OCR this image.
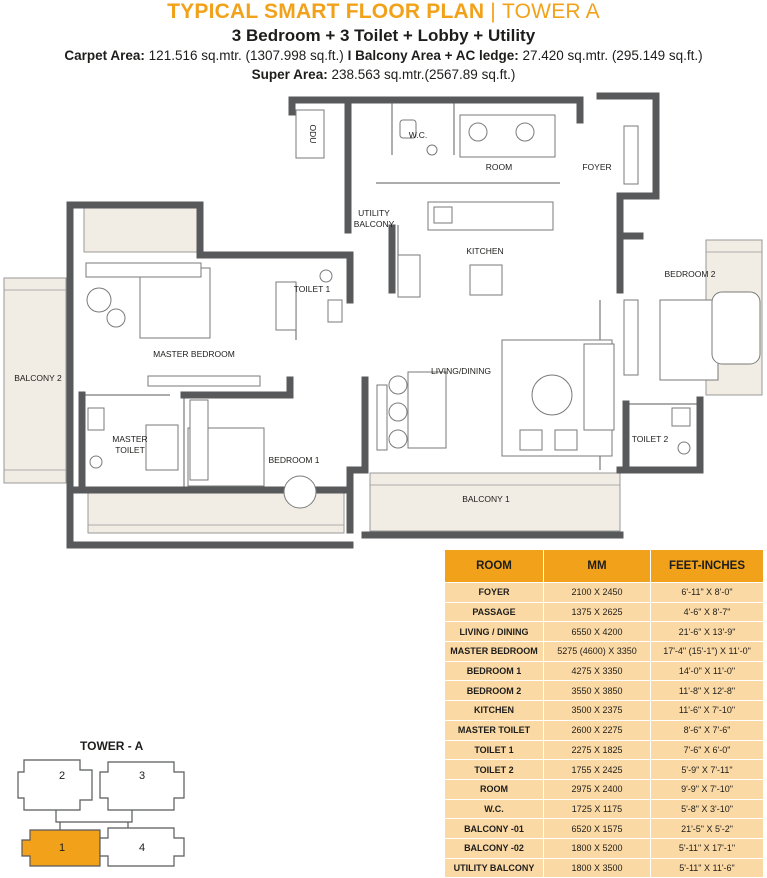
TYPICAL SMART FLOOR PLAN | TOWER A
3 Bedroom + 3 Toilet + Lobby + Utility
Carpet Area: 121.516 sq.mtr. (1307.998 sq.ft.) I Balcony Area + AC ledge: 27.420 sq.mtr. (295.149 sq.ft.)
Super Area: 238.563 sq.mtr.(2567.89 sq.ft.)
ODU	W.C.
ROOM	FOYER
UTILITY
BALCONY
KITCHEN
BEDROOM 2
TOILET 1
MASTER BEDROOM
BALCONY 2
LIVING/DINING
MASTER
TOILET
BEDROOM 1
TOILET 2
BALCONY 1
2	3
1	4
TOWER - A
ROOM	MM	FEET-INCHES
FOYER	2100 X 2450	6'-11" X 8'-0"
PASSAGE	1375 X 2625	4'-6" X 8'-7"
LIVING / DINING	6550 X 4200	21'-6" X 13'-9"
MASTER BEDROOM	5275 (4600) X 3350	17'-4" (15'-1") X 11'-0"
BEDROOM 1	4275 X 3350	14'-0" X 11'-0"
BEDROOM 2	3550 X 3850	11'-8" X 12'-8"
KITCHEN	3500 X 2375	11'-6" X 7'-10"
MASTER TOILET	2600 X 2275	8'-6" X 7'-6"
TOILET 1	2275 X 1825	7'-6" X 6'-0"
TOILET 2	1755 X 2425	5'-9" X 7'-11"
ROOM	2975 X 2400	9'-9" X 7'-10"
W.C.	1725 X 1175	5'-8" X 3'-10"
BALCONY -01	6520 X 1575	21'-5" X 5'-2"
BALCONY -02	1800 X 5200	5'-11" X 17'-1"
UTILITY BALCONY	1800 X 3500	5'-11" X 11'-6"
